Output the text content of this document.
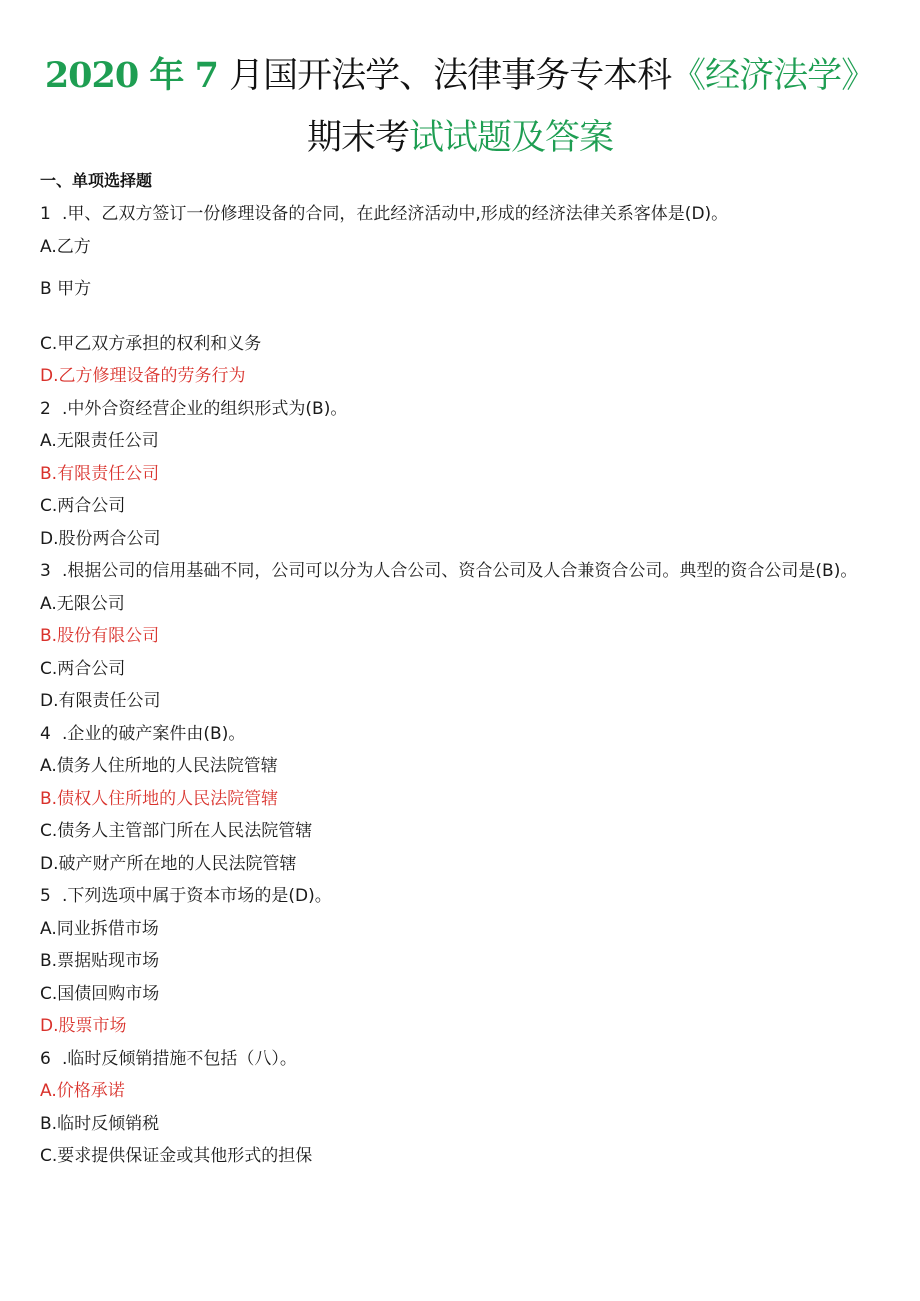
2020 年 7 月国开法学、法律事务专本科《经济法学》
期末考试试题及答案

一、单项选择题

1 .甲、乙双方签订一份修理设备的合同，在此经济活动中,形成的经济法律关系客体是(D)。

A.乙方

B 甲方

C.甲乙双方承担的权利和义务

D.乙方修理设备的劳务行为

2 .中外合资经营企业的组织形式为(B)。

A.无限责任公司

B.有限责任公司

C.两合公司

D.股份两合公司

3 .根据公司的信用基础不同，公司可以分为人合公司、资合公司及人合兼资合公司。典型的资合公司是(B)。

A.无限公司

B.股份有限公司

C.两合公司

D.有限责任公司

4 .企业的破产案件由(B)。

A.债务人住所地的人民法院管辖

B.债权人住所地的人民法院管辖

C.债务人主管部门所在人民法院管辖

D.破产财产所在地的人民法院管辖

5 .下列选项中属于资本市场的是(D)。

A.同业拆借市场

B.票据贴现市场

C.国债回购市场

D.股票市场

6 .临时反倾销措施不包括（八）。

A.价格承诺

B.临时反倾销税

C.要求提供保证金或其他形式的担保
